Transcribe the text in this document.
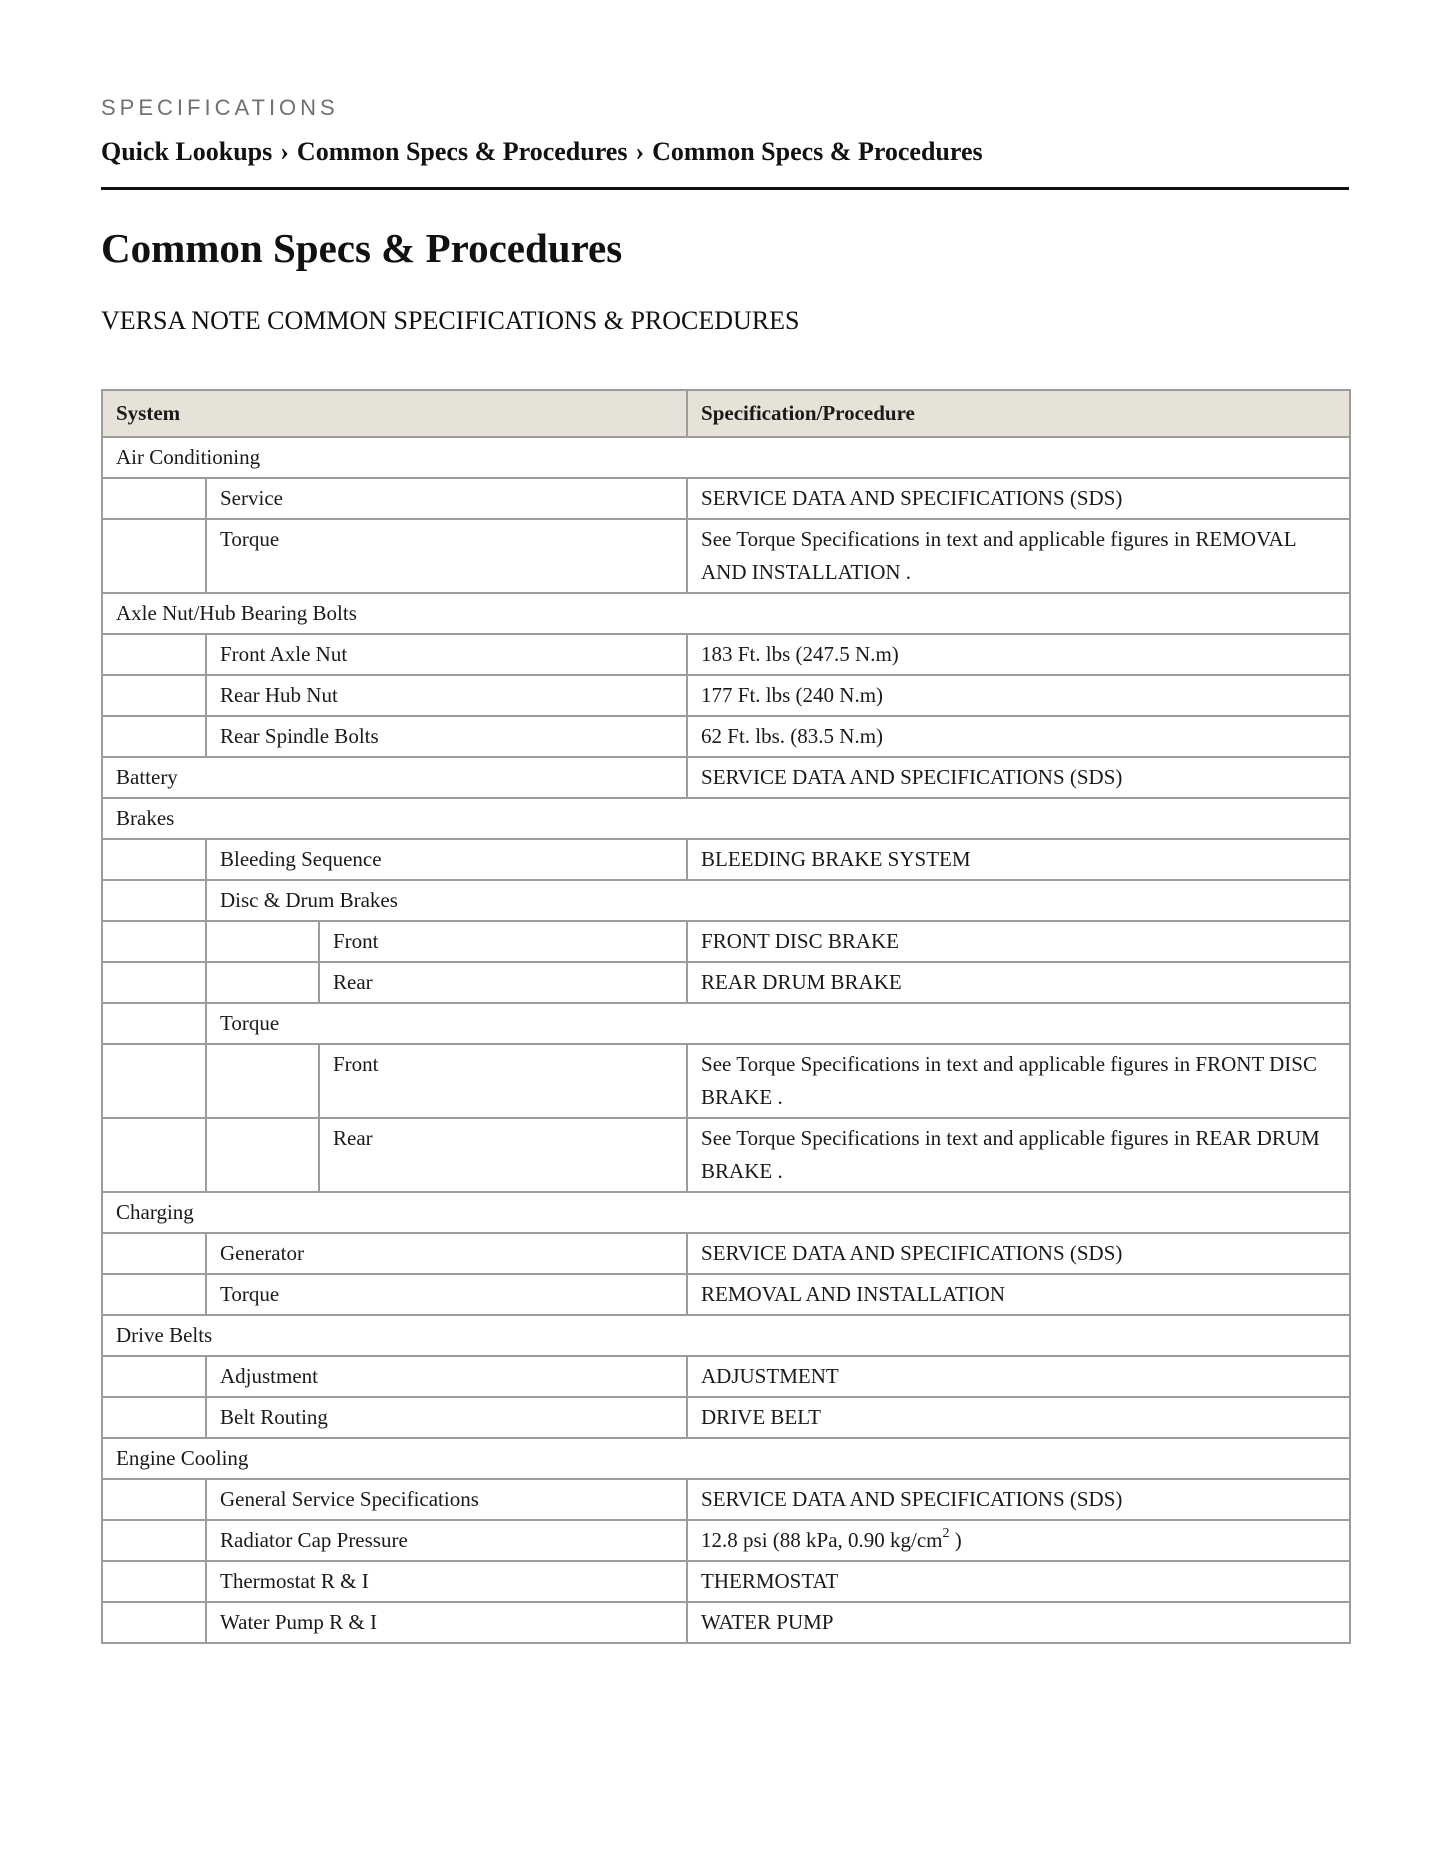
SPECIFICATIONS
Quick Lookups › Common Specs & Procedures › Common Specs & Procedures
Common Specs & Procedures
VERSA NOTE COMMON SPECIFICATIONS & PROCEDURES
System			Specification/Procedure
Air Conditioning			
	Service		SERVICE DATA AND SPECIFICATIONS (SDS)
	Torque		See Torque Specifications in text and applicable figures in REMOVAL AND INSTALLATION .
Axle Nut/Hub Bearing Bolts			
	Front Axle Nut		183 Ft. lbs (247.5 N.m)
	Rear Hub Nut		177 Ft. lbs (240 N.m)
	Rear Spindle Bolts		62 Ft. lbs. (83.5 N.m)
Battery			SERVICE DATA AND SPECIFICATIONS (SDS)
Brakes			
	Bleeding Sequence		BLEEDING BRAKE SYSTEM
	Disc & Drum Brakes		
		Front	FRONT DISC BRAKE
		Rear	REAR DRUM BRAKE
	Torque		
		Front	See Torque Specifications in text and applicable figures in FRONT DISC BRAKE .
		Rear	See Torque Specifications in text and applicable figures in REAR DRUM BRAKE .
Charging			
	Generator		SERVICE DATA AND SPECIFICATIONS (SDS)
	Torque		REMOVAL AND INSTALLATION
Drive Belts			
	Adjustment		ADJUSTMENT
	Belt Routing		DRIVE BELT
Engine Cooling			
	General Service Specifications		SERVICE DATA AND SPECIFICATIONS (SDS)
	Radiator Cap Pressure		12.8 psi (88 kPa, 0.90 $kg/cm^2$ )
	Thermostat R & I		THERMOSTAT
	Water Pump R & I		WATER PUMP
